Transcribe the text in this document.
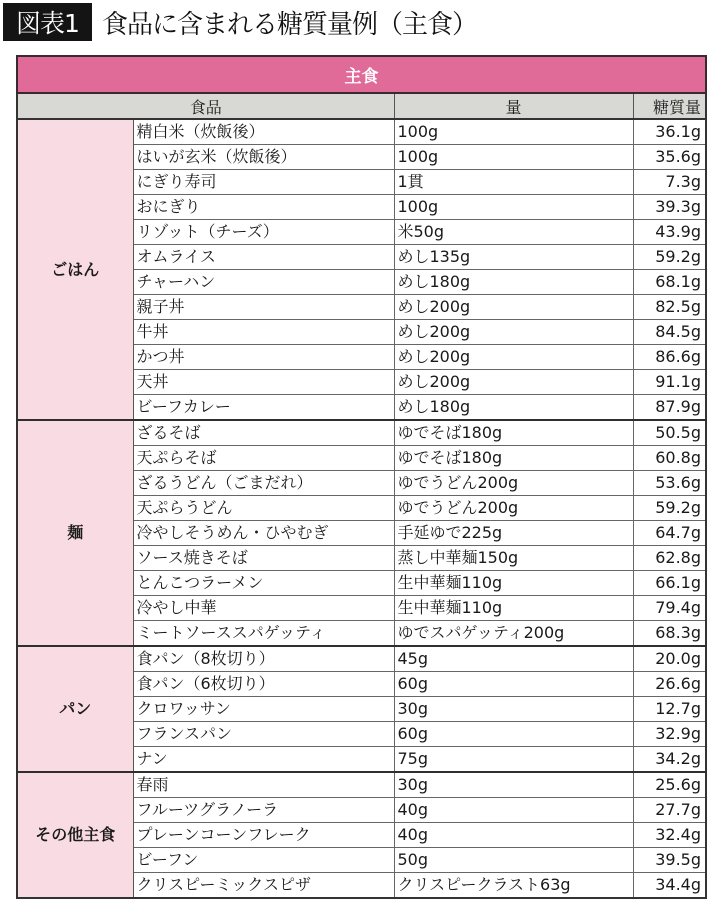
図表1 食品に含まれる糖質量例（主食）
主食			
食品		量	糖質量
ごはん	精白米（炊飯後）	100g	36.1g
	はいが玄米（炊飯後）	100g	35.6g
	にぎり寿司	1貫	7.3g
	おにぎり	100g	39.3g
	リゾット（チーズ）	米50g	43.9g
	オムライス	めし135g	59.2g
	チャーハン	めし180g	68.1g
	親子丼	めし200g	82.5g
	牛丼	めし200g	84.5g
	かつ丼	めし200g	86.6g
	天丼	めし200g	91.1g
	ビーフカレー	めし180g	87.9g
麺	ざるそば	ゆでそば180g	50.5g
	天ぷらそば	ゆでそば180g	60.8g
	ざるうどん（ごまだれ）	ゆでうどん200g	53.6g
	天ぷらうどん	ゆでうどん200g	59.2g
	冷やしそうめん・ひやむぎ	手延ゆで225g	64.7g
	ソース焼きそば	蒸し中華麺150g	62.8g
	とんこつラーメン	生中華麺110g	66.1g
	冷やし中華	生中華麺110g	79.4g
	ミートソーススパゲッティ	ゆでスパゲッティ200g	68.3g
パン	食パン（8枚切り）	45g	20.0g
	食パン（6枚切り）	60g	26.6g
	クロワッサン	30g	12.7g
	フランスパン	60g	32.9g
	ナン	75g	34.2g
その他主食	春雨	30g	25.6g
	フルーツグラノーラ	40g	27.7g
	プレーンコーンフレーク	40g	32.4g
	ビーフン	50g	39.5g
	クリスピーミックスピザ	クリスピークラスト63g	34.4g
